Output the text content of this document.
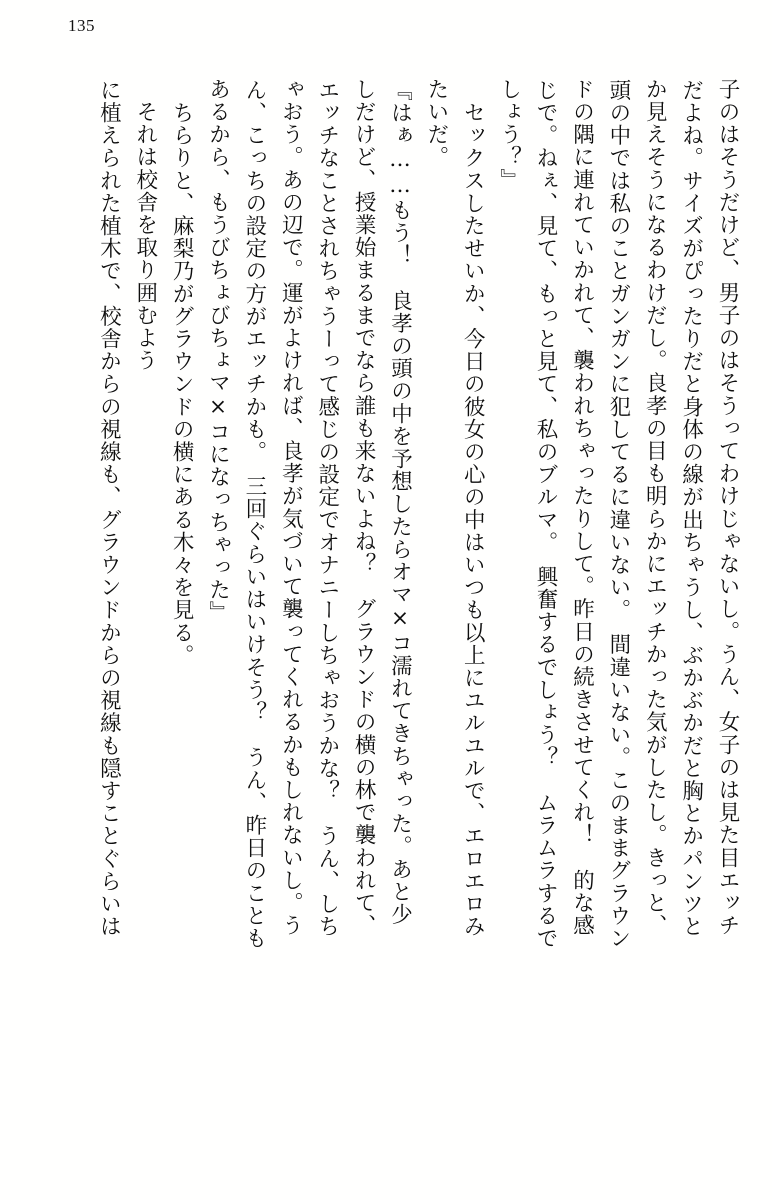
135
子のはそうだけど、男子のはそうってわけじゃないし。うん、女子のは見た目エッチ
だよね。サイズがぴったりだと身体の線が出ちゃうし、ぶかぶかだと胸とかパンツと
か見えそうになるわけだし。良孝の目も明らかにエッチかった気がしたし。きっと、
頭の中では私のことガンガンに犯してるに違いない。　間違いない。このままグラウン
ドの隅に連れていかれて、襲われちゃったりして。昨日の続きさせてくれ！　的な感
じで。ねぇ、見て、もっと見て、私のブルマ。　興奮するでしょう？　ムラムラするで
しょう？』
　セックスしたせいか、今日の彼女の心の中はいつも以上にユルユルで、エロエロみ
たいだ。
『はぁ……もう！　良孝の頭の中を予想したらオマ×コ濡れてきちゃった。あと少
しだけど、授業始まるまでなら誰も来ないよね？　グラウンドの横の林で襲われて、
エッチなことされちゃうーって感じの設定でオナニーしちゃおうかな？　うん、しち
ゃおう。あの辺で。運がよければ、良孝が気づいて襲ってくれるかもしれないし。う
ん、こっちの設定の方がエッチかも。　三回ぐらいはいけそう？　うん、昨日のことも
あるから、もうびちょびちょマ×コになっちゃった』
　ちらりと、麻梨乃がグラウンドの横にある木々を見る。
　それは校舎を取り囲むよう
に植えられた植木で、校舎からの視線も、グラウンドからの視線も隠すことぐらいは
